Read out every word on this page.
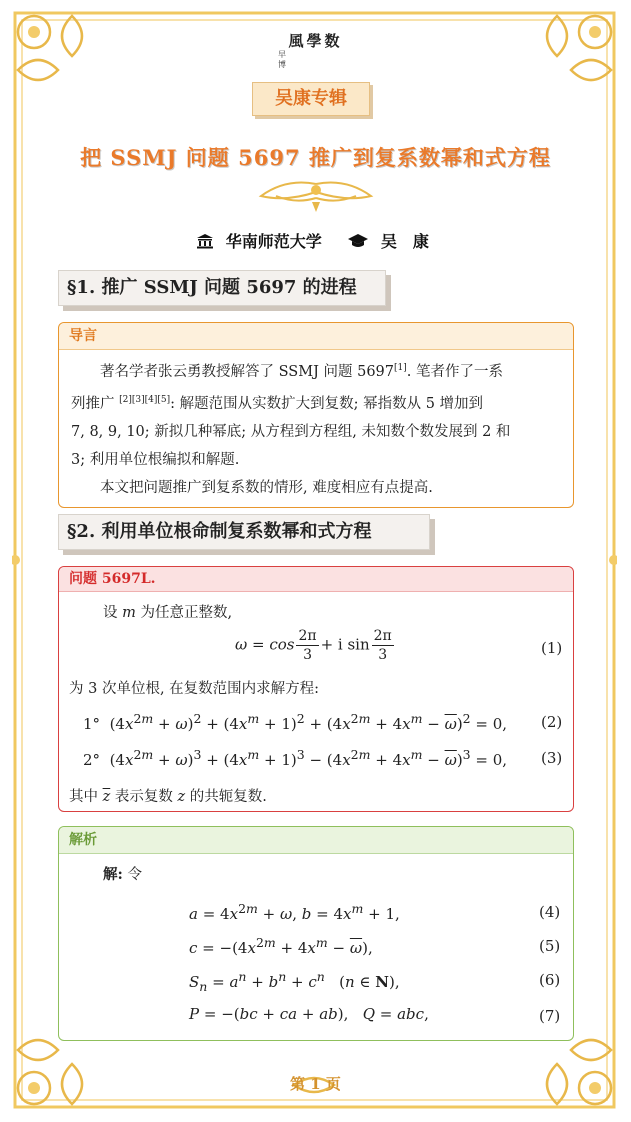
風學数
早 博
吴康专辑
把 SSMJ 问题 5697 推广到复系数幂和式方程
华南师范大学	吴　康
§1. 推广 SSMJ 问题 5697 的进程
导言

著名学者张云勇教授解答了 SSMJ 问题 5697[1]. 笔者作了一系

列推广 [2][3][4][5]: 解题范围从实数扩大到复数; 幂指数从 5 增加到
7, 8, 9, 10; 新拟几种幂底; 从方程到方程组, 未知数个数发展到 2 和
3; 利用单位根编拟和解题.

本文把问题推广到复系数的情形, 难度相应有点提高.

§2. 利用单位根命制复系数幂和式方程
问题 5697L.
设 m 为任意正整数,
$\omega = \cos \frac{2\pi}{3} + i$ $\sin \frac{2\pi}{3}$	(1)
为 3 次单位根, 在复数范围内求解方程:
1°  $(4x^{2m} + \omega)^2 + (4x^m + 1)^2 + (4x^{2m} + 4x^m - \overline{\omega})^2 = 0$, (2)
2°  $(4x^{2m} + \omega)^3 + (4x^m + 1)^3 - (4x^{2m} + 4x^m - \overline{\omega})^3 = 0$, (3)
其中 $\overline{z}$ 表示复数 z 的共轭复数.
解析
解: 令
$a = 4x^{2m} + \omega$, $b = 4x^m + 1$,	(4)
$c = -(4x^{2m} + 4x^m - \overline{\omega})$,	(5)
$S_n = a^n + b^n + c^n$   (n ∈ N),	(6)
P = −(bc + ca + ab),   Q = abc,	(7)
第 1 页
